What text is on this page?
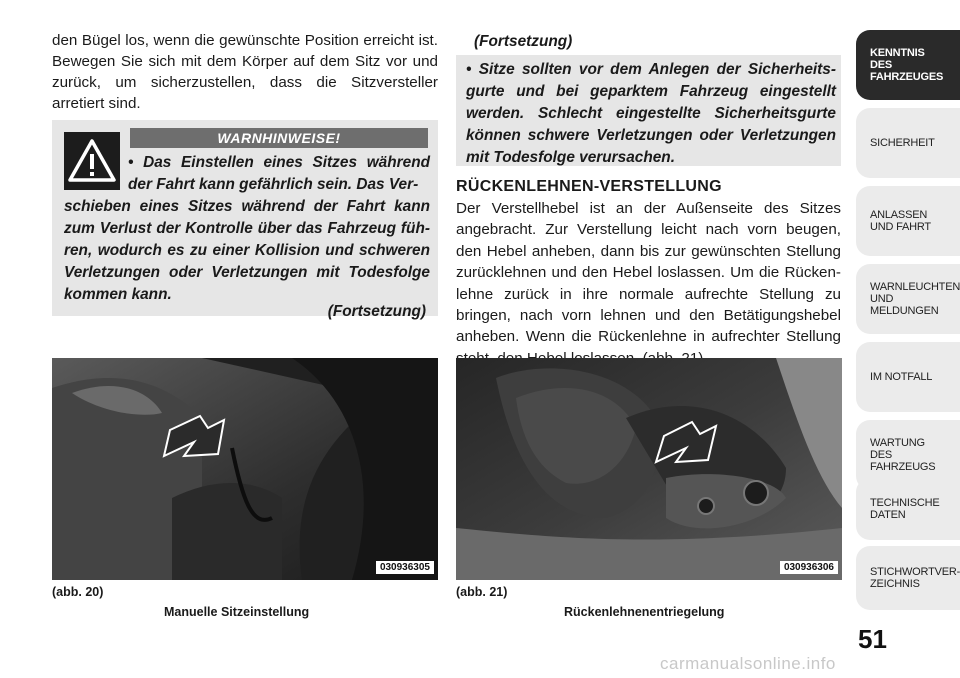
den Bügel los, wenn die gewünschte Position erreicht ist. Bewegen Sie sich mit dem Körper auf dem Sitz vor und zurück, um sicherzustellen, dass die Sitzversteller arretiert sind.

WARNHINWEISE!
• Das Einstellen eines Sitzes während der Fahrt kann gefährlich sein. Das Ver-
schieben eines Sitzes während der Fahrt kann zum Verlust der Kontrolle über das Fahrzeug füh- ren, wodurch es zu einer Kollision und schweren Verletzungen oder Verletzungen mit Todesfolge kommen kann.
(Fortsetzung)
(Fortsetzung)

• Sitze sollten vor dem Anlegen der Sicherheits- gurte und bei geparktem Fahrzeug eingestellt werden. Schlecht eingestellte Sicherheitsgurte können schwere Verletzungen oder Verletzungen mit Todesfolge verursachen.

RÜCKENLEHNEN-VERSTELLUNG

Der Verstellhebel ist an der Außenseite des Sitzes angebracht. Zur Verstellung leicht nach vorn beugen, den Hebel anheben, dann bis zur gewünschten Stellung zurücklehnen und den Hebel loslassen. Um die Rücken- lehne zurück in ihre normale aufrechte Stellung zu bringen, nach vorn lehnen und den Betätigungshebel anheben. Wenn die Rückenlehne in aufrechter Stellung

030936305
(abb. 20)
Manuelle Sitzeinstellung
030936306
(abb. 21)
Rückenlehnenentriegelung
KENNTNIS
DES
FAHRZEUGES
SICHERHEIT
ANLASSEN
UND FAHRT
WARNLEUCHTEN
UND
MELDUNGEN
IM NOTFALL
WARTUNG
DES
FAHRZEUGS
TECHNISCHE
DATEN
STICHWORTVER-
ZEICHNIS
51
carmanualsonline.info
